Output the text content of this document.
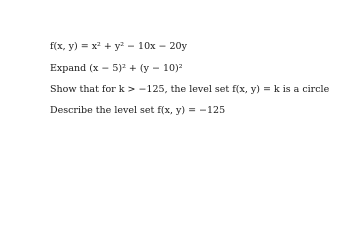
f(x, y) = x² + y² − 10x − 20y
Expand (x − 5)² + (y − 10)²
Show that for k > −125, the level set f(x, y) = k is a circle
Describe the level set f(x, y) = −125
